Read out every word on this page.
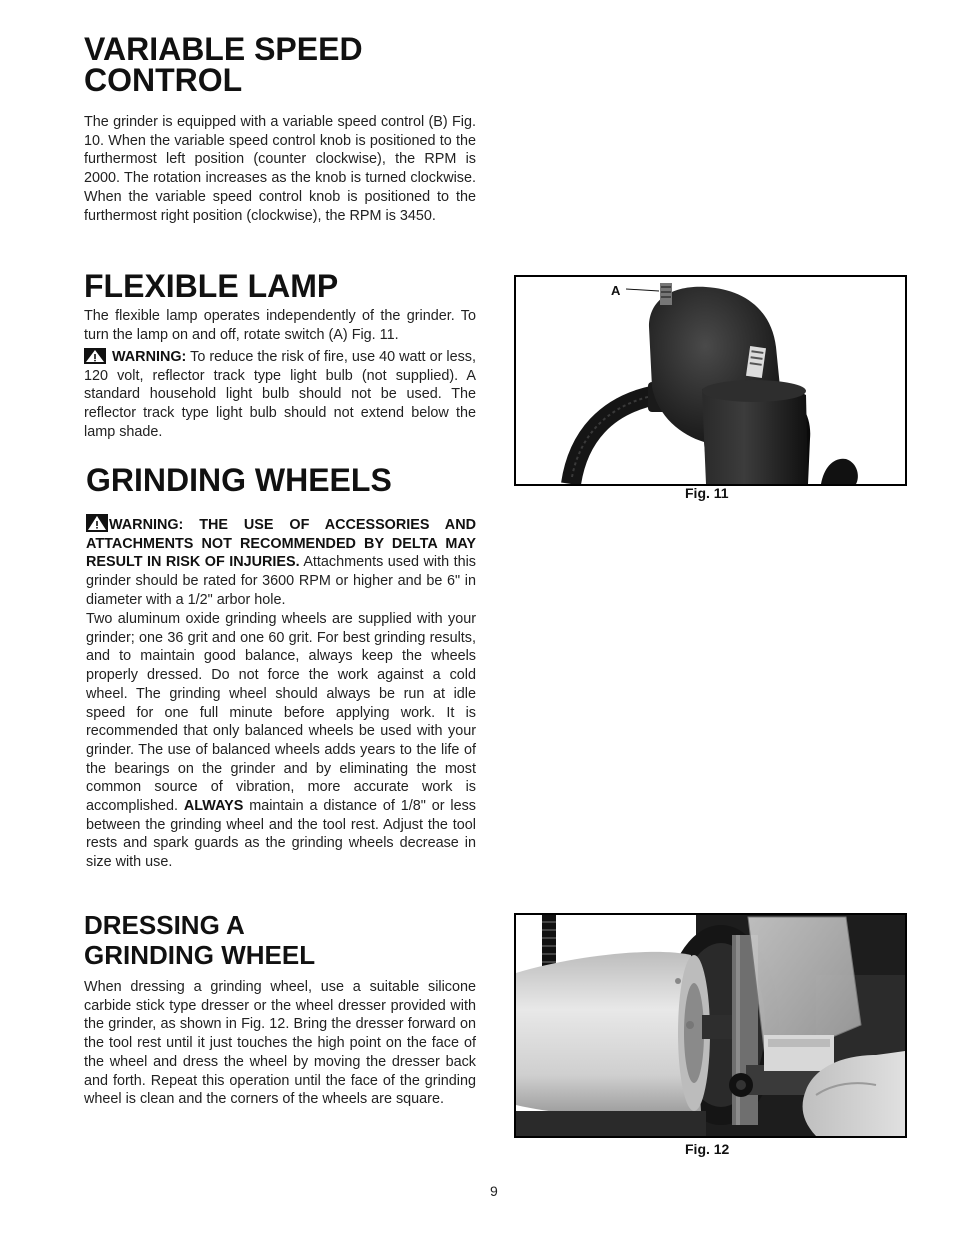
VARIABLE SPEED
CONTROL

The grinder is equipped with a variable speed control (B) Fig. 10. When the variable speed control knob is positioned to the furthermost left position (counter clockwise), the RPM is 2000. The rotation increases as the knob is turned clockwise. When the variable speed control knob is positioned to the furthermost right position (clockwise), the RPM is 3450.

FLEXIBLE LAMP

The flexible lamp operates independently of the grinder. To turn the lamp on and off, rotate switch (A) Fig. 11.

WARNING: To reduce the risk of fire, use 40 watt or less, 120 volt, reflector track type light bulb (not supplied). A standard household light bulb should not be used. The reflector track type light bulb should not extend below the lamp shade.

GRINDING WHEELS

WARNING: THE USE OF ACCESSORIES AND ATTACHMENTS NOT RECOMMENDED BY DELTA MAY RESULT IN RISK OF INJURIES. Attachments used with this grinder should be rated for 3600 RPM or higher and be 6" in diameter with a 1/2" arbor hole.

Two aluminum oxide grinding wheels are supplied with your grinder; one 36 grit and one 60 grit. For best grinding results, and to maintain good balance, always keep the wheels properly dressed. Do not force the work against a cold wheel. The grinding wheel should always be run at idle speed for one full minute before applying work. It is recommended that only balanced wheels be used with your grinder. The use of balanced wheels adds years to the life of the bearings on the grinder and by eliminating the most common source of vibration, more accurate work is accomplished. ALWAYS maintain a distance of 1/8" or less between the grinding wheel and the tool rest. Adjust the tool rests and spark guards as the grinding wheels decrease in size with use.

DRESSING A
GRINDING WHEEL

When dressing a grinding wheel, use a suitable silicone carbide stick type dresser or the wheel dresser provided with the grinder, as shown in Fig. 12. Bring the dresser forward on the tool rest until it just touches the high point on the face of the wheel and dress the wheel by moving the dresser back and forth. Repeat this operation until the face of the grinding wheel is clean and the corners of the wheels are square.

A
Fig. 11
Fig. 12
9
